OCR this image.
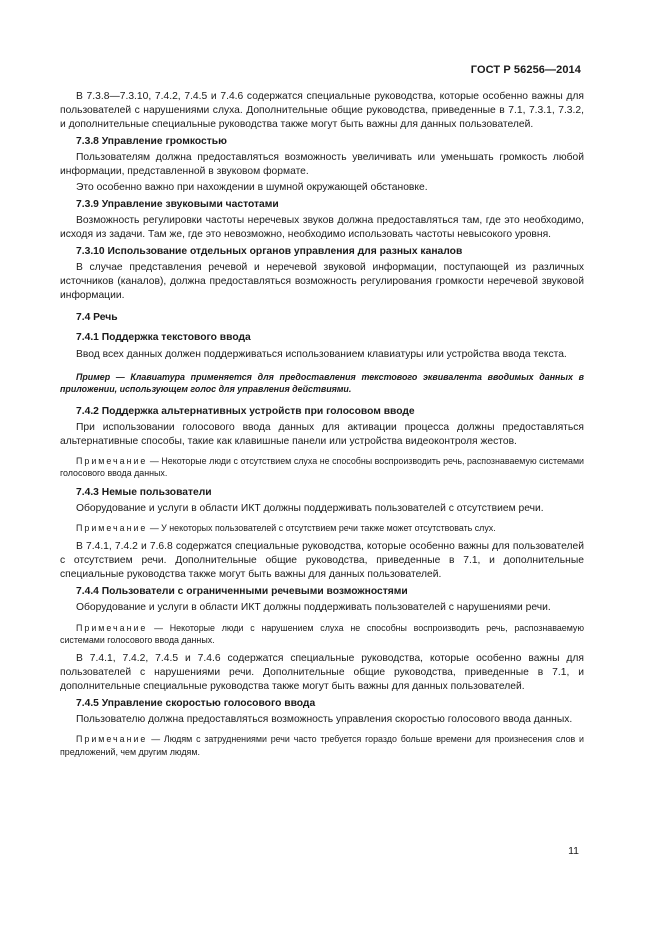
ГОСТ Р 56256—2014

В 7.3.8—7.3.10, 7.4.2, 7.4.5 и 7.4.6 содержатся специальные руководства, которые особенно важны для пользователей с нарушениями слуха. Дополнительные общие руководства, приведенные в 7.1, 7.3.1, 7.3.2, и дополнительные специальные руководства также могут быть важны для данных пользователей.

7.3.8 Управление громкостью

Пользователям должна предоставляться возможность увеличивать или уменьшать громкость любой информации, представленной в звуковом формате.

Это особенно важно при нахождении в шумной окружающей обстановке.

7.3.9 Управление звуковыми частотами

Возможность регулировки частоты неречевых звуков должна предоставляться там, где это необходимо, исходя из задачи. Там же, где это невозможно, необходимо использовать частоты невысокого уровня.

7.3.10 Использование отдельных органов управления для разных каналов

В случае представления речевой и неречевой звуковой информации, поступающей из различных источников (каналов), должна предоставляться возможность регулирования громкости неречевой звуковой информации.

7.4 Речь

7.4.1 Поддержка текстового ввода

Ввод всех данных должен поддерживаться использованием клавиатуры или устройства ввода текста.

Пример — Клавиатура применяется для предоставления текстового эквивалента вводимых данных в приложении, использующем голос для управления действиями.

7.4.2 Поддержка альтернативных устройств при голосовом вводе

При использовании голосового ввода данных для активации процесса должны предоставляться альтернативные способы, такие как клавишные панели или устройства видеоконтроля жестов.

Примечание — Некоторые люди с отсутствием слуха не способны воспроизводить речь, распознаваемую системами голосового ввода данных.

7.4.3 Немые пользователи

Оборудование и услуги в области ИКТ должны поддерживать пользователей с отсутствием речи.

Примечание — У некоторых пользователей с отсутствием речи также может отсутствовать слух.

В 7.4.1, 7.4.2 и 7.6.8 содержатся специальные руководства, которые особенно важны для пользователей с отсутствием речи. Дополнительные общие руководства, приведенные в 7.1, и дополнительные специальные руководства также могут быть важны для данных пользователей.

7.4.4 Пользователи с ограниченными речевыми возможностями

Оборудование и услуги в области ИКТ должны поддерживать пользователей с нарушениями речи.

Примечание — Некоторые люди с нарушением слуха не способны воспроизводить речь, распознаваемую системами голосового ввода данных.

В 7.4.1, 7.4.2, 7.4.5 и 7.4.6 содержатся специальные руководства, которые особенно важны для пользователей с нарушениями речи. Дополнительные общие руководства, приведенные в 7.1, и дополнительные специальные руководства также могут быть важны для данных пользователей.

7.4.5 Управление скоростью голосового ввода

Пользователю должна предоставляться возможность управления скоростью голосового ввода данных.

Примечание — Людям с затруднениями речи часто требуется гораздо больше времени для произнесения слов и предложений, чем другим людям.

11
